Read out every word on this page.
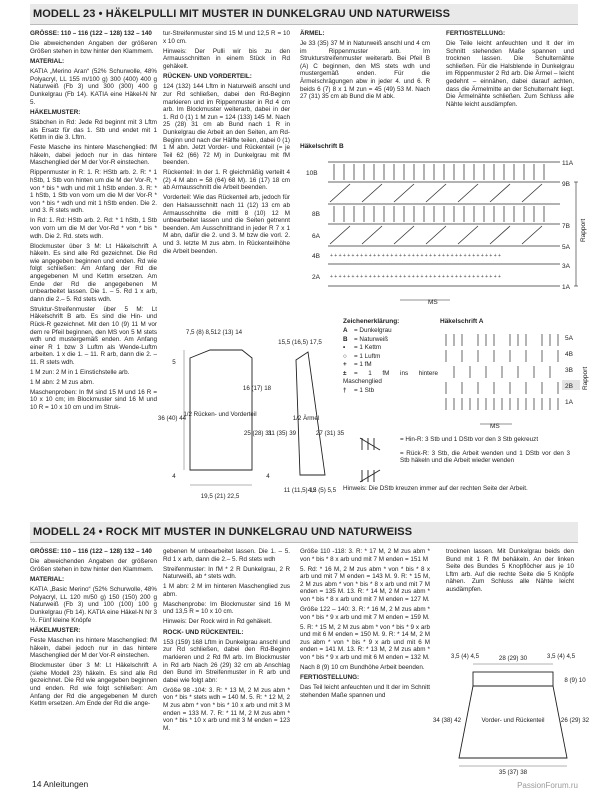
MODELL 23 • HÄKELPULLI MIT MUSTER IN DUNKELGRAU UND NATURWEISS

GRÖSSE: 110 – 116 (122 – 128) 132 – 140

Die abweichenden Angaben der größeren Größen stehen in bzw hinter den Klammern.

MATERIAL:

KATIA „Merino Aran“ (52% Schurwolle, 48% Polyacryl, LL 155 m/100 g) 300 (400) 400 g Naturweiß (Fb 3) und 300 (300) 400 g Dunkelgrau (Fb 14). KATIA eine Häkel-N Nr 5.

HÄKELMUSTER:

Stäbchen in Rd: Jede Rd beginnt mit 3 Lftm als Ersatz für das 1. Stb und endet mit 1 Kettm in die 3. Lftm.

Feste Masche ins hintere Maschenglied: fM häkeln, dabei jedoch nur in das hintere Maschenglied der M der Vor-R einstechen.

Rippenmuster in R: 1. R: HStb arb. 2. R: * 1 hStb, 1 Stb von hinten um die M der Vor-R, * von * bis * wdh und mit 1 hStb enden. 3. R: * 1 hStb, 1 Stb von vorn um die M der Vor-R * von * bis * wdh und mit 1 hStb enden. Die 2. und 3. R stets wdh.

In Rd: 1. Rd: HStb arb. 2. Rd: * 1 hStb, 1 Stb von vorn um die M der Vor-Rd * von * bis * wdh. Die 2. Rd. stets wdh.

Blockmuster über 3 M: Lt Häkelschrift A häkeln. Es sind alle Rd gezeichnet. Die Rd wie angegeben beginnen und enden. Rd wie folgt schließen: Am Anfang der Rd die angegebenen M und Kettm ersetzen. Am Ende der Rd die angegebenen M unbearbeitet lassen. Die 1. – 5. Rd 1 x arb, dann die 2.– 5. Rd stets wdh.

Struktur-Streifenmuster über 5 M: Lt Häkelschrift B arb. Es sind die Hin- und Rück-R gezeichnet. Mit den 10 (9) 11 M vor dem re Pfeil beginnen, den MS von 5 M stets wdh und mustergemäß enden. Am Anfang einer R 1 bzw 3 Luftm als Wende-Luftm arbeiten. 1 x die 1. – 11. R arb, dann die 2. – 11. R stets wdh.

1 M zun: 2 M in 1 Einstichstelle arb.

1 M abn: 2 M zus abm.

Maschenproben: In fM sind 15 M und 16 R = 10 x 10 cm; im Blockmuster sind 16 M und 10 R = 10 x 10 cm und im Struk-

tur-Streifenmuster sind 15 M und 12,5 R = 10 x 10 cm.

Hinweis: Der Pulli wir bis zu den Armausschnitten in einem Stück in Rd gehäkelt.

RÜCKEN- UND VORDERTEIL:

124 (132) 144 Lftm in Naturweiß anschl und zur Rd schließen, dabei den Rd-Beginn markieren und im Rippenmuster in Rd 4 cm arb. Im Blockmuster weiterarb, dabei in der 1. Rd 0 (1) 1 M zun = 124 (133) 145 M. Nach 25 (28) 31 cm ab Bund nach 1 R in Dunkelgrau die Arbeit an den Seiten, am Rd-Beginn und nach der Hälfte teilen, dabei 0 (1) 1 M abn. Jetzt Vorder- und Rückenteil (= je Teil 62 (66) 72 M) in Dunkelgrau mit fM beenden.

Rückenteil: In der 1. R gleichmäßig verteilt 4 (2) 4 M abn = 58 (64) 68 M). 16 (17) 18 cm ab Armausschnitt die Arbeit beenden.

Vorderteil: Wie das Rückenteil arb, jedoch für den Halsausschnitt nach 11 (12) 13 cm ab Armausschnitte die mittl 8 (10) 12 M unbearbeitet lassen und die Seiten getrennt beenden. Am Ausschnittrand in jeder R 7 x 1 M abn, dafür die 2. und 3. M bzw die vorl. 2. und 3. letzte M zus abm. In Rückenteilhöhe die Arbeit beenden.

ÄRMEL:

Je 33 (35) 37 M in Naturweiß anschl und 4 cm im Rippenmuster arb. Im Strukturstreifenmuster weiterarb. Bei Pfeil B (A) C beginnen, den MS stets wdh und mustergemäß enden. Für die Ärmelschrägungen abw in jeder 4. und 6. R beids 6 (7) 8 x 1 M zun = 45 (49) 53 M. Nach 27 (31) 35 cm ab Bund die M abk.

FERTIGSTELLUNG:

Die Teile leicht anfeuchten und lt der im Schnitt stehenden Maße spannen und trocknen lassen. Die Schulternähte schließen. Für die Halsblende in Dunkelgrau im Rippenmuster 2 Rd arb. Die Ärmel – leicht gedehnt – einnähen, dabei darauf achten, dass die Ärmelmitte an der Schulternaht liegt. Die Ärmelnähte schließen. Zum Schluss alle Nähte leicht ausdämpfen.

Häkelschrift B
+ + + + + + + + + + + + + + + + + + + + + + + + + + + + + + + + + + + + + + + +
+ + + + + + + + + + + + + + + + + + + + + + + + + + + + + + + + + + + + + + + +
11A
9B
7B
5A
3A
1A
10B
8B
6A
4B
2A
Rapport
MS
Zeichenerklärung:
A = Dunkelgrau
B = Naturweiß
• = 1 Kettm
○ = 1 Luftm
+ = 1 fM
± = 1 fM ins hintere Maschenglied
† = 1 Stb

= Hin-R: 3 Stb und 1 DStb vor den 3 Stb gekreuzt

= Rück-R: 3 Stb, die Arbeit wenden und 1 DStb vor den 3 Stb häkeln und die Arbeit wieder wenden

Hinweis: Die DStb kreuzen immer auf der rechten Seite der Arbeit.
Häkelschrift A
5A
4B
3B
2B
1A
Rapport
MS
7,5 (8) 8,5 12 (13) 14
5
16 (17) 18
36 (40) 44
1/2 Rücken- und Vorderteil
25 (28) 31
4
19,5 (21) 22,5
15,5 (16,5) 17,5
31 (35) 39
1/2 Ärmel
27 (31) 35
4
11 (11,5) 12
4,5 (5) 5,5
MODELL 24 • ROCK MIT MUSTER IN DUNKELGRAU UND NATURWEISS

GRÖSSE: 110 – 116 (122 – 128) 132 – 140

Die abweichenden Angaben der größeren Größen stehen in bzw hinter den Klammern.

MATERIAL:

KATIA „Basic Merino“ (52% Schurwolle, 48% Polyacryl, LL 120 m/50 g) 150 (150) 200 g Naturweiß (Fb 3) und 100 (100) 100 g Dunkelgrau (Fb 14). KATIA eine Häkel-N Nr 3 ½. Fünf kleine Knöpfe

HÄKELMUSTER:

Feste Maschen ins hintere Maschenglied: fM häkeln, dabei jedoch nur in das hintere Maschenglied der M der Vor-R einstechen.

Blockmuster über 3 M: Lt Häkelschrift A (siehe Modell 23) häkeln. Es sind alle Rd gezeichnet. Die Rd wie angegeben beginnen und enden. Rd wie folgt schließen: Am Anfang der Rd die angegebenen M durch Kettm ersetzen. Am Ende der Rd die ange-

gebenen M unbearbeitet lassen. Die 1. – 5. Rd 1 x arb, dann die 2.– 5. Rd stets wdh

Streifenmuster: In fM * 2 R Dunkelgrau, 2 R Naturweiß, ab * stets wdh.

1 M abn: 2 M im hinteren Maschenglied zus abm.

Maschenprobe: Im Blockmuster sind 16 M und 13,5 R = 10 x 10 cm.

Hinweis: Der Rock wird in Rd gehäkelt.

ROCK- UND RÜCKENTEIL:

153 (159) 168 Lftm in Dunkelgrau anschl und zur Rd schließen, dabei den Rd-Beginn markieren und 2 Rd fM arb. Im Blockmuster in Rd arb Nach 26 (29) 32 cm ab Anschlag den Bund im Streifenmuster in R arb und dabei wie folgt abn:

Größe 98 -104: 3. R: * 13 M, 2 M zus abm * von * bis * stets wdh = 140 M. 5. R: * 12 M, 2 M zus abm * von * bis * 10 x arb und mit 3 M enden = 133 M. 7. R: * 11 M, 2 M zus abm * von * bis * 10 x arb und mit 3 M enden = 123 M.

Größe 110 -118: 3. R: * 17 M, 2 M zus abm * von * bis * 8 x arb und mit 7 M enden = 151 M

5. Rd: * 16 M, 2 M zus abm * von * bis * 8 x arb und mit 7 M enden = 143 M. 9. R: * 15 M, 2 M zus abm * von * bis * 8 x arb und mit 7 M enden = 135 M. 13. R: * 14 M, 2 M zus abm * von * bis * 8 x arb und mit 7 M enden = 127 M.

Größe 122 – 140: 3. R: * 16 M, 2 M zus abm * von * bis * 9 x arb und mit 7 M enden = 159 M.

5. R: * 15 M, 2 M zus abm * von * bis * 9 x arb und mit 6 M enden = 150 M. 9. R: * 14 M, 2 M zus abm * von * bis * 9 x arb und mit 6 M enden = 141 M. 13. R: * 13 M, 2 M zus abm * von * bis * 9 x arb und mit 6 M enden = 132 M.

Nach 8 (9) 10 cm Bundhöhe Arbeit beenden.

FERTIGSTELLUNG:

Das Teil leicht anfeuchten und lt der im Schnitt stehenden Maße spannen und

trocknen lassen. Mit Dunkelgrau beids den Bund mit 1 R fM behäkeln. An der linken Seite des Bundes 5 Knopflöcher aus je 10 Lftm arb. Auf die rechte Seite die 5 Knöpfe nähen. Zum Schluss alle Nähte leicht ausdämpfen.

3,5 (4) 4,5	28 (29) 30	3,5 (4) 4,5
8 (9) 10
34 (38) 42	Vorder- und Rückenteil	26 (29) 32
35 (37) 38
14 Anleitungen	PassionForum.ru
